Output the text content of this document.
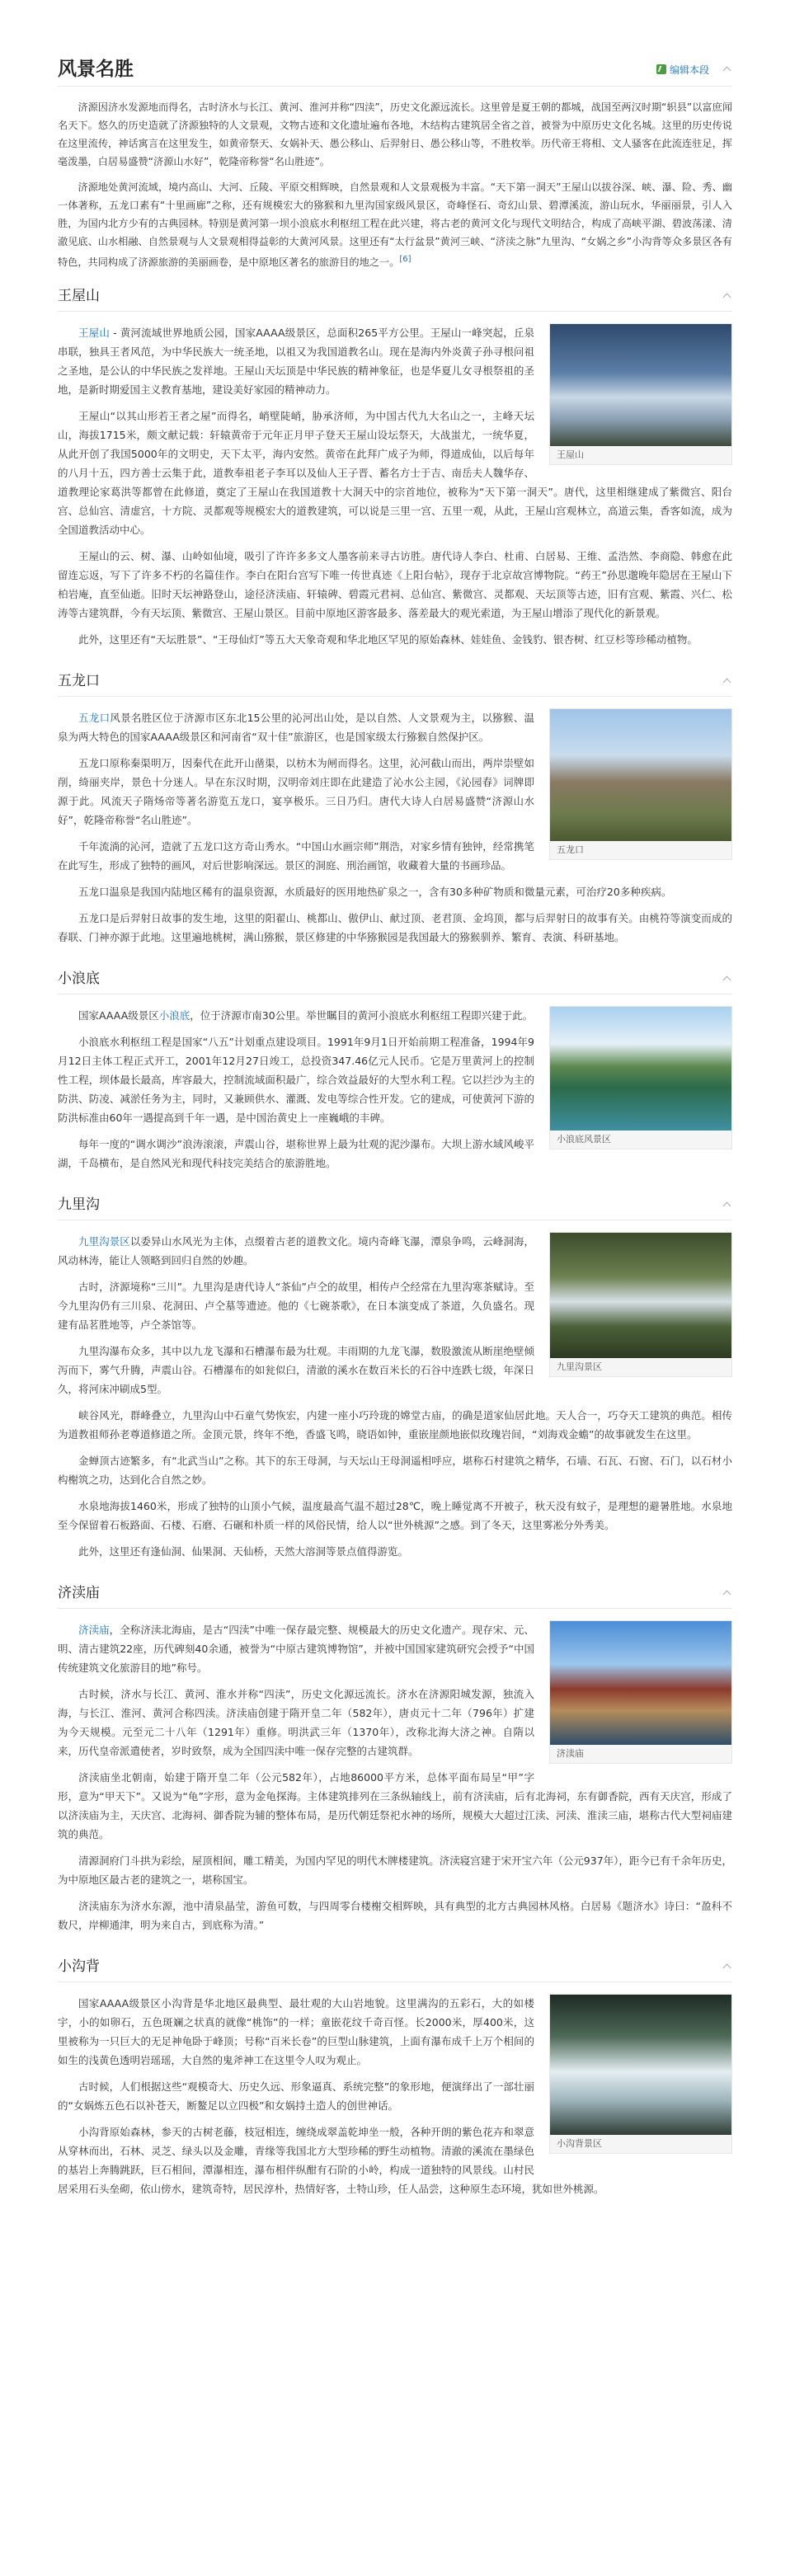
风景名胜	编辑本段

济源因济水发源地而得名，古时济水与长江、黄河、淮河并称“四渎”，历史文化源远流长。这里曾是夏王朝的都城，战国至两汉时期“轵县”以富庶闻名天下。悠久的历史造就了济源独特的人文景观，文物古迹和文化遗址遍布各地，木结构古建筑居全省之首，被誉为中原历史文化名城。这里的历史传说在这里流传，神话寓言在这里发生，如黄帝祭天、女娲补天、愚公移山、后羿射日、愚公移山等，不胜枚举。历代帝王将相、文人骚客在此流连驻足，挥毫泼墨，白居易盛赞“济源山水好”，乾隆帝称誉“名山胜迹”。

济源地处黄河流域，境内高山、大河、丘陵、平原交相辉映，自然景观和人文景观极为丰富。“天下第一洞天”王屋山以拔谷深、峡、瀑、险、秀、幽一体著称，五龙口素有“十里画廊”之称，还有规模宏大的猕猴和九里沟国家级风景区，奇峰怪石、奇幻山景、碧潭溪流，游山玩水，华丽丽景，引人入胜，为国内北方少有的古典园林。特别是黄河第一坝小浪底水利枢纽工程在此兴建，将古老的黄河文化与现代文明结合，构成了高峡平湖、碧波荡漾、清澈见底、山水相融、自然景观与人文景观相得益彰的大黄河风景。这里还有“太行盆景”黄河三峡、“济渎之脉”九里沟、“女娲之乡”小沟背等众多景区各有特色，共同构成了济源旅游的美丽画卷，是中原地区著名的旅游目的地之一。[6]

王屋山
王屋山

王屋山 - 黄河流域世界地质公园，国家AAAA级景区，总面积265平方公里。王屋山一峰突起，丘泉串联，独具王者风范，为中华民族大一统圣地，以祖又为我国道教名山。现在是海内外炎黄子孙寻根问祖之圣地，是公认的中华民族之发祥地。王屋山天坛顶是中华民族的精神象征，也是华夏儿女寻根祭祖的圣地，是新时期爱国主义教育基地，建设美好家园的精神动力。

王屋山“以其山形若王者之屋”而得名，峭壁陡峭，胁承济师，为中国古代九大名山之一，主峰天坛山，海拔1715米，颇文献记载：轩辕黄帝于元年正月甲子登天王屋山设坛祭天，大战蚩尤，一统华夏，从此开创了我国5000年的文明史，天下太平，海内安然。黄帝在此拜广成子为师，得道成仙，以后每年的八月十五，四方善士云集于此，道教奉祖老子李耳以及仙人王子晋、蓄名方士于吉、南岳夫人魏华存、道教理论家葛洪等都曾在此修道，奠定了王屋山在我国道教十大洞天中的宗首地位，被称为“天下第一洞天”。唐代，这里相继建成了紫微宫、阳台宫、总仙宫、清虚宫，十方院、灵都观等规模宏大的道教建筑，可以说是三里一宫、五里一观，从此，王屋山宫观林立，高道云集，香客如流，成为全国道教活动中心。

王屋山的云、树、瀑、山岭如仙境，吸引了许许多多文人墨客前来寻古访胜。唐代诗人李白、杜甫、白居易、王维、孟浩然、李商隐、韩愈在此留连忘返，写下了许多不朽的名篇佳作。李白在阳台宫写下唯一传世真迹《上阳台帖》，现存于北京故宫博物院。“药王”孙思邈晚年隐居在王屋山下柏岩庵，直至仙逝。旧时天坛神路登山，途径济渎庙、轩辕碑、碧霞元君祠、总仙宫、紫微宫、灵都观、天坛顶等古迹，旧有宫观、紫霞、兴仁、松涛等古建筑群，今有天坛顶、紫微宫、王屋山景区。目前中原地区游客最多、落差最大的观光索道，为王屋山增添了现代化的新景观。

此外，这里还有“天坛胜景”、“王母仙灯”等五大天象奇观和华北地区罕见的原始森林、娃娃鱼、金钱豹、银杏树、红豆杉等珍稀动植物。

五龙口
五龙口

五龙口风景名胜区位于济源市区东北15公里的沁河出山处，是以自然、人文景观为主，以猕猴、温泉为两大特色的国家AAAA级景区和河南省“双十佳”旅游区，也是国家级太行猕猴自然保护区。

五龙口原称秦渠明万，因秦代在此开山凿渠，以枋木为闸而得名。这里，沁河截山而出，两岸崇壁如削，绮丽夹岸，景色十分迷人。早在东汉时期，汉明帝刘庄即在此建造了沁水公主园，《沁园春》词牌即源于此。风流天子隋炀帝等著名游览五龙口，宴享极乐。三日乃归。唐代大诗人白居易盛赞“济源山水好”，乾隆帝称誉“名山胜迹”。

千年流淌的沁河，造就了五龙口这方奇山秀水。“中国山水画宗师”荆浩，对家乡情有独钟，经常携笔在此写生，形成了独特的画风，对后世影响深远。景区的洞庭、刑治画馆，收藏着大量的书画珍品。

五龙口温泉是我国内陆地区稀有的温泉资源，水质最好的医用地热矿泉之一，含有30多种矿物质和微量元素，可治疗20多种疾病。

五龙口是后羿射日故事的发生地，这里的阳翟山、桃都山、傲伊山、献过顶、老君顶、金坞顶，都与后羿射日的故事有关。由桃符等演变而成的春联、门神亦源于此地。这里遍地桃树，满山猕猴，景区修建的中华猕猴园是我国最大的猕猴驯养、繁育、表演、科研基地。

小浪底
小浪底风景区

国家AAAA级景区小浪底，位于济源市南30公里。举世瞩目的黄河小浪底水利枢纽工程即兴建于此。

小浪底水利枢纽工程是国家“八五”计划重点建设项目。1991年9月1日开始前期工程准备，1994年9月12日主体工程正式开工，2001年12月27日竣工，总投资347.46亿元人民币。它是万里黄河上的控制性工程，坝体最长最高，库容最大，控制流域面积最广，综合效益最好的大型水利工程。它以拦沙为主的防洪、防凌、减淤任务为主，同时，又兼顾供水、灌溉、发电等综合性开发。它的建成，可使黄河下游的防洪标准由60年一遇提高到千年一遇，是中国治黄史上一座巍峨的丰碑。

每年一度的“调水调沙”浪涛滚滚，声震山谷，堪称世界上最为壮观的泥沙瀑布。大坝上游水域风峻平湖，千岛横布，是自然风光和现代科技完美结合的旅游胜地。

九里沟
九里沟景区

九里沟景区以委异山水风光为主体，点缀着古老的道教文化。境内奇峰飞瀑，潭泉争鸣，云峰洞海，风动林涛，能让人领略到回归自然的妙趣。

古时，济源境称“三川”。九里沟是唐代诗人“茶仙”卢仝的故里，相传卢仝经常在九里沟寒茶赋诗。至今九里沟仍有三川泉、花洞田、卢仝墓等遗迹。他的《七碗茶歌》，在日本演变成了茶道，久负盛名。现建有品茗胜地等，卢仝茶馆等。

九里沟瀑布众多，其中以九龙飞瀑和石槽瀑布最为壮观。丰雨期的九龙飞瀑，数股激流从断崖绝壁倾泻而下，雾气升腾，声震山谷。石槽瀑布的如瓮似臼，清澈的溪水在数百米长的石谷中连跌七级，年深日久，将河床冲刷成5型。

峡谷风光，群峰叠立，九里沟山中石童气势恢宏，内建一座小巧玲珑的嫦堂古庙，的确是道家仙居此地。天人合一，巧夺天工建筑的典范。相传为道教祖师孙老尊道修道之所。金顶元景，终年不绝，香盛飞鸣，晓语如钟，重嵌崖颜地嵌似玫瑰岩间，“刘海戏金蟾”的故事就发生在这里。

金蝉顶古迹繁多，有“北武当山”之称。其下的东王母洞，与天坛山王母洞遥相呼应，堪称石村建筑之精华，石墙、石瓦、石窗、石门，以石材小构榭筑之功，达到化合自然之妙。

水泉地海拔1460米，形成了独特的山顶小气候，温度最高气温不超过28℃，晚上睡觉离不开被子，秋天没有蚊子，是理想的避暑胜地。水泉地至今保留着石板路面、石楼、石磨、石碾和朴质一样的风俗民情，给人以“世外桃源”之感。到了冬天，这里雾凇分外秀美。

此外，这里还有逢仙洞、仙果洞、天仙桥，天然大溶洞等景点值得游览。

济渎庙
济渎庙

济渎庙，全称济渎北海庙，是古“四渎”中唯一保存最完整、规模最大的历史文化遗产。现存宋、元、明、清古建筑22座，历代碑刻40余通，被誉为“中原古建筑博物馆”，并被中国国家建筑研究会授予“中国传统建筑文化旅游目的地”称号。

古时候，济水与长江、黄河、淮水并称“四渎”，历史文化源远流长。济水在济源阳城发源，独流入海，与长江、淮河、黄河合称四渎。济渎庙创建于隋开皇二年（582年），唐贞元十二年（796年）扩建为今天规模。元至元二十八年（1291年）重修。明洪武三年（1370年），改称北海大济之神。自隋以来，历代皇帝派遣使者，岁时致祭，成为全国四渎中唯一保存完整的古建筑群。

济渎庙坐北朝南，始建于隋开皇二年（公元582年），占地86000平方米，总体平面布局呈“甲”字形，意为“甲天下”。又说为“龟”字形，意为金龟探海。主体建筑排列在三条纵轴线上，前有济渎庙，后有北海祠，东有御香院，西有天庆宫，形成了以济渎庙为主，天庆宫、北海祠、御香院为辅的整体布局，是历代朝廷祭祀水神的场所，规模大大超过江渎、河渎、淮渎三庙，堪称古代大型祠庙建筑的典范。

清源洞府门斗拱为彩绘，屋顶相间，雕工精美，为国内罕见的明代木牌楼建筑。济渎寝宫建于宋开宝六年（公元937年），距今已有千余年历史，为中原地区最古老的建筑之一，堪称国宝。

济渎庙东为济水东源，池中清泉晶莹，游鱼可数，与四周零台楼榭交相辉映，具有典型的北方古典园林风格。白居易《题济水》诗曰：“盈科不数尺，岸柳通津，明为来自古，到底称为清。”

小沟背
小沟背景区

国家AAAA级景区小沟背是华北地区最典型、最壮观的大山岩地貌。这里满沟的五彩石，大的如楼宇，小的如卵石，五色斑斓之状真的就像“桃饰”的一样；童嵌花纹千奇百怪。长2000米，厚400米，这里被称为一只巨大的无足神龟卧于峰顶；号称“百米长卷”的巨型山脉建筑，上面有瀑布成千上万个相间的如生的浅黄色透明岩瑶瑶，大自然的鬼斧神工在这里令人叹为观止。

古时候，人们根据这些“观模奇大、历史久远、形象逼真、系统完整”的象形地，便演绎出了一部壮丽的“女娲炼五色石以补苍天，断鳌足以立四极”和女娲持土造人的创世神话。

小沟背原始森林，参天的古树老藤，枝冠相连，缠绕成翠盖乾坤坐一般，各种开朗的紫色花卉和翠意从穿林而出，石林、灵芝、绿头以及金雕，青缘等我国北方大型珍稀的野生动植物。清澈的溪流在墨绿色的基岩上奔腾跳跃，巨石相间，潭瀑相连，瀑布相伴纵酣有石阶的小岭，构成一道独特的风景线。山村民居采用石头垒砌，依山傍水，建筑奇特，居民淳朴，热情好客，土特山珍，任人品尝，这种原生态环境，犹如世外桃源。
